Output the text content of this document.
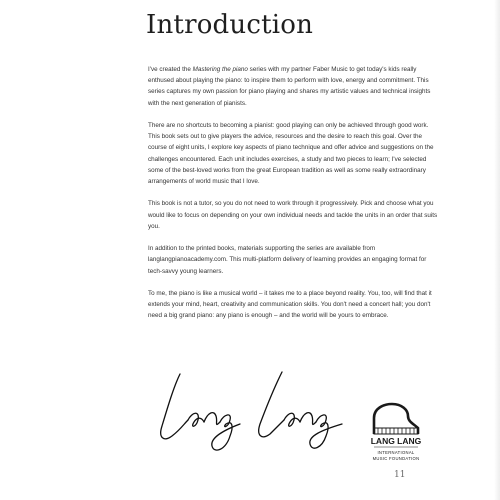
Introduction

I've created the Mastering the piano series with my partner Faber Music to get today's kids really enthused about playing the piano: to inspire them to perform with love, energy and commitment. This series captures my own passion for piano playing and shares my artistic values and technical insights with the next generation of pianists.

There are no shortcuts to becoming a pianist: good playing can only be achieved through good work. This book sets out to give players the advice, resources and the desire to reach this goal. Over the course of eight units, I explore key aspects of piano technique and offer advice and suggestions on the challenges encountered. Each unit includes exercises, a study and two pieces to learn; I've selected some of the best-loved works from the great European tradition as well as some really extraordinary arrangements of world music that I love.

This book is not a tutor, so you do not need to work through it progressively. Pick and choose what you would like to focus on depending on your own individual needs and tackle the units in an order that suits you.

In addition to the printed books, materials supporting the series are available from langlangpianoacademy.com. This multi-platform delivery of learning provides an engaging format for tech-savvy young learners.

To me, the piano is like a musical world – it takes me to a place beyond reality. You, too, will find that it extends your mind, heart, creativity and communication skills. You don't need a concert hall; you don't need a big grand piano: any piano is enough – and the world will be yours to embrace.

LANG LANG
INTERNATIONAL
MUSIC FOUNDATION
11
